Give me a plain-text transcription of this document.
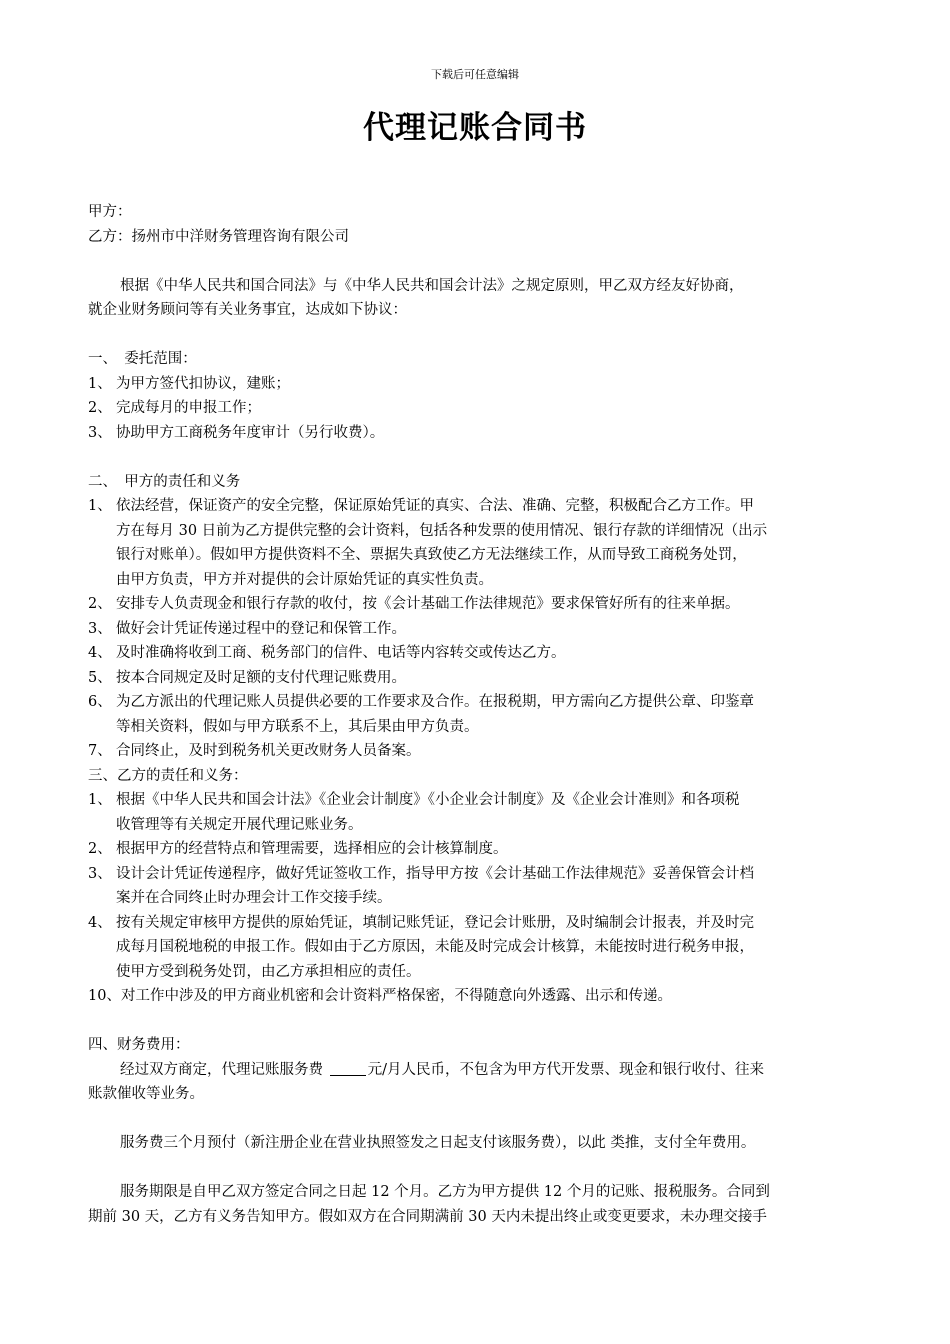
下载后可任意编辑
代理记账合同书
甲方：
乙方：扬州市中洋财务管理咨询有限公司
根据《中华人民共和国合同法》与《中华人民共和国会计法》之规定原则，甲乙双方经友好协商，
就企业财务顾问等有关业务事宜，达成如下协议：
一、　委托范围：
1、 为甲方签代扣协议，建账；
2、 完成每月的申报工作；
3、 协助甲方工商税务年度审计（另行收费）。
二、　甲方的责任和义务
1、 依法经营，保证资产的安全完整，保证原始凭证的真实、合法、准确、完整，积极配合乙方工作。甲
方在每月 30 日前为乙方提供完整的会计资料，包括各种发票的使用情况、银行存款的详细情况（出示
银行对账单）。假如甲方提供资料不全、票据失真致使乙方无法继续工作，从而导致工商税务处罚，
由甲方负责，甲方并对提供的会计原始凭证的真实性负责。
2、 安排专人负责现金和银行存款的收付，按《会计基础工作法律规范》要求保管好所有的往来单据。
3、 做好会计凭证传递过程中的登记和保管工作。
4、 及时准确将收到工商、税务部门的信件、电话等内容转交或传达乙方。
5、 按本合同规定及时足额的支付代理记账费用。
6、 为乙方派出的代理记账人员提供必要的工作要求及合作。在报税期，甲方需向乙方提供公章、印鉴章
等相关资料，假如与甲方联系不上，其后果由甲方负责。
7、 合同终止，及时到税务机关更改财务人员备案。
三、乙方的责任和义务：
1、 根据《中华人民共和国会计法》《企业会计制度》《小企业会计制度》及《企业会计准则》和各项税
收管理等有关规定开展代理记账业务。
2、 根据甲方的经营特点和管理需要，选择相应的会计核算制度。
3、 设计会计凭证传递程序，做好凭证签收工作，指导甲方按《会计基础工作法律规范》妥善保管会计档
案并在合同终止时办理会计工作交接手续。
4、 按有关规定审核甲方提供的原始凭证，填制记账凭证，登记会计账册，及时编制会计报表，并及时完
成每月国税地税的申报工作。假如由于乙方原因，未能及时完成会计核算，未能按时进行税务申报，
使甲方受到税务处罚，由乙方承担相应的责任。
10、对工作中涉及的甲方商业机密和会计资料严格保密，不得随意向外透露、出示和传递。
四、财务费用：
经过双方商定，代理记账服务费	元/月人民币，不包含为甲方代开发票、现金和银行收付、往来
账款催收等业务。
服务费三个月预付（新注册企业在营业执照签发之日起支付该服务费），以此 类推，支付全年费用。
服务期限是自甲乙双方签定合同之日起 12 个月。乙方为甲方提供 12 个月的记账、报税服务。合同到
期前 30 天，乙方有义务告知甲方。假如双方在合同期满前 30 天内未提出终止或变更要求，未办理交接手
